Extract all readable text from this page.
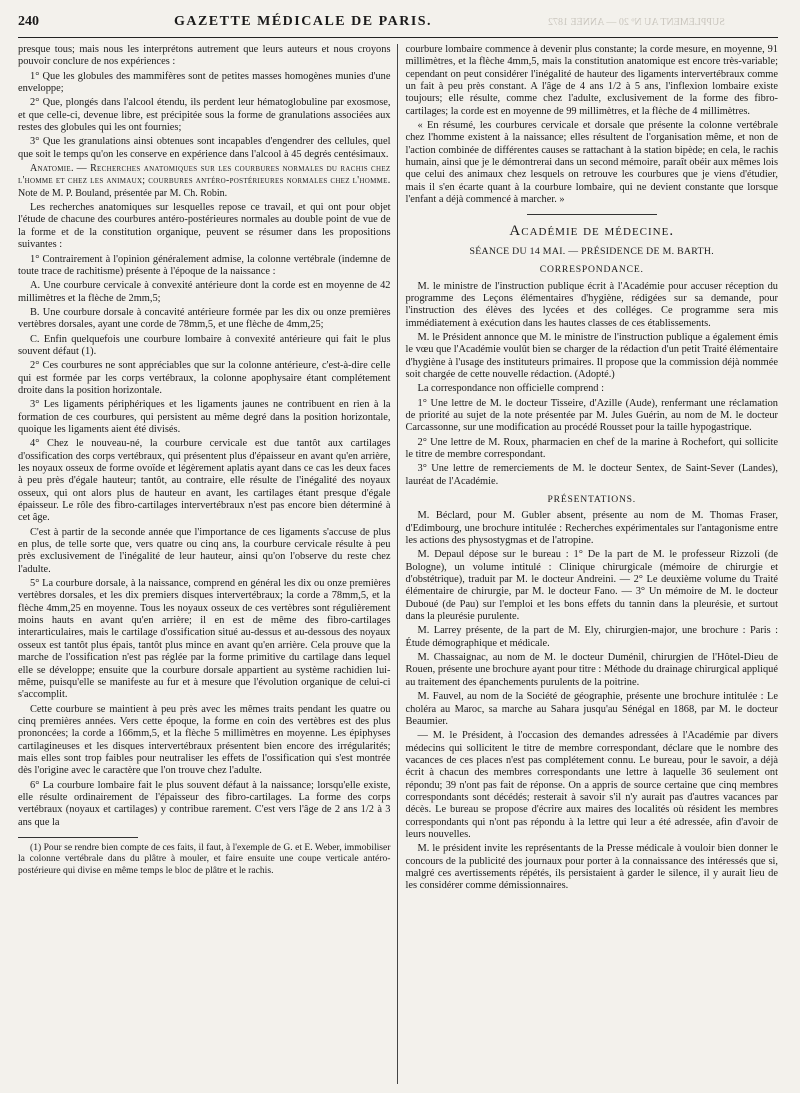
240	GAZETTE MÉDICALE DE PARIS.	SUPPLÉMENT AU Nº 20 — ANNÉE 1872

presque tous; mais nous les interprétons autrement que leurs auteurs et nous croyons pouvoir conclure de nos expériences :

1° Que les globules des mammifères sont de petites masses homogènes munies d'une enveloppe;

2° Que, plongés dans l'alcool étendu, ils perdent leur hématoglobuline par exosmose, et que celle-ci, devenue libre, est précipitée sous la forme de granulations associées aux restes des globules qui les ont fournies;

3° Que les granulations ainsi obtenues sont incapables d'engendrer des cellules, quel que soit le temps qu'on les conserve en expérience dans l'alcool à 45 degrés centésimaux.

Anatomie. — Recherches anatomiques sur les courbures normales du rachis chez l'homme et chez les animaux; courbures antéro-postérieures normales chez l'homme. Note de M. P. Bouland, présentée par M. Ch. Robin.

Les recherches anatomiques sur lesquelles repose ce travail, et qui ont pour objet l'étude de chacune des courbures antéro-postérieures normales au double point de vue de la forme et de la constitution organique, peuvent se résumer dans les propositions suivantes :

1° Contrairement à l'opinion généralement admise, la colonne vertébrale (indemne de toute trace de rachitisme) présente à l'époque de la naissance :

A. Une courbure cervicale à convexité antérieure dont la corde est en moyenne de 42 millimètres et la flèche de 2mm,5;

B. Une courbure dorsale à concavité antérieure formée par les dix ou onze premières vertèbres dorsales, ayant une corde de 78mm,5, et une flèche de 4mm,25;

C. Enfin quelquefois une courbure lombaire à convexité antérieure qui fait le plus souvent défaut (1).

2° Ces courbures ne sont appréciables que sur la colonne antérieure, c'est-à-dire celle qui est formée par les corps vertébraux, la colonne apophysaire étant complétement droite dans la position horizontale.

3° Les ligaments périphériques et les ligaments jaunes ne contribuent en rien à la formation de ces courbures, qui persistent au même degré dans la position horizontale, quoique les ligaments aient été divisés.

4° Chez le nouveau-né, la courbure cervicale est due tantôt aux cartilages d'ossification des corps vertébraux, qui présentent plus d'épaisseur en avant qu'en arrière, les noyaux osseux de forme ovoïde et légèrement aplatis ayant dans ce cas les deux faces à peu près d'égale hauteur; tantôt, au contraire, elle résulte de l'inégalité des noyaux osseux, qui ont alors plus de hauteur en avant, les cartilages étant presque d'égale épaisseur. Le rôle des fibro-cartilages intervertébraux n'est pas encore bien déterminé à cet âge.

C'est à partir de la seconde année que l'importance de ces ligaments s'accuse de plus en plus, de telle sorte que, vers quatre ou cinq ans, la courbure cervicale résulte à peu près exclusivement de l'inégalité de leur hauteur, ainsi qu'on l'observe du reste chez l'adulte.

5° La courbure dorsale, à la naissance, comprend en général les dix ou onze premières vertèbres dorsales, et les dix premiers disques intervertébraux; la corde a 78mm,5, et la flèche 4mm,25 en moyenne. Tous les noyaux osseux de ces vertèbres sont régulièrement moins hauts en avant qu'en arrière; il en est de même des fibro-cartilages interarticulaires, mais le cartilage d'ossification situé au-dessus et au-dessous des noyaux osseux est tantôt plus épais, tantôt plus mince en avant qu'en arrière. Cela prouve que la marche de l'ossification n'est pas réglée par la forme primitive du cartilage dans lequel elle se développe; ensuite que la courbure dorsale appartient au système rachidien lui-même, puisqu'elle se manifeste au fur et à mesure que l'évolution organique de celui-ci s'accomplit.

Cette courbure se maintient à peu près avec les mêmes traits pendant les quatre ou cinq premières années. Vers cette époque, la forme en coin des vertèbres est des plus prononcées; la corde a 166mm,5, et la flèche 5 millimètres en moyenne. Les épiphyses cartilagineuses et les disques intervertébraux présentent bien encore des irrégularités; mais elles sont trop faibles pour neutraliser les effets de l'ossification qui s'est montrée dès l'origine avec le caractère que l'on trouve chez l'adulte.

6° La courbure lombaire fait le plus souvent défaut à la naissance; lorsqu'elle existe, elle résulte ordinairement de l'épaisseur des fibro-cartilages. La forme des corps vertébraux (noyaux et cartilages) y contribue rarement. C'est vers l'âge de 2 ans 1/2 à 3 ans que la

(1) Pour se rendre bien compte de ces faits, il faut, à l'exemple de G. et E. Weber, immobiliser la colonne vertébrale dans du plâtre à mouler, et faire ensuite une coupe verticale antéro-postérieure qui divise en même temps le bloc de plâtre et le rachis.

courbure lombaire commence à devenir plus constante; la corde mesure, en moyenne, 91 millimètres, et la flèche 4mm,5, mais la constitution anatomique est encore très-variable; cependant on peut considérer l'inégalité de hauteur des ligaments intervertébraux comme un fait à peu près constant. A l'âge de 4 ans 1/2 à 5 ans, l'inflexion lombaire existe toujours; elle résulte, comme chez l'adulte, exclusivement de la forme des fibro-cartilages; la corde est en moyenne de 99 millimètres, et la flèche de 4 millimètres.

« En résumé, les courbures cervicale et dorsale que présente la colonne vertébrale chez l'homme existent à la naissance; elles résultent de l'organisation même, et non de l'action combinée de différentes causes se rattachant à la station bipède; en cela, le rachis humain, ainsi que je le démontrerai dans un second mémoire, paraît obéir aux mêmes lois que celui des animaux chez lesquels on retrouve les courbures que je viens d'étudier, mais il s'en écarte quant à la courbure lombaire, qui ne devient constante que lorsque l'enfant a déjà commencé à marcher. »

Académie de médecine.
SÉANCE DU 14 MAI. — PRÉSIDENCE DE M. BARTH.
CORRESPONDANCE.

M. le ministre de l'instruction publique écrit à l'Académie pour accuser réception du programme des Leçons élémentaires d'hygiène, rédigées sur sa demande, pour l'instruction des élèves des lycées et des colléges. Ce programme sera mis immédiatement à exécution dans les hautes classes de ces établissements.

M. le Président annonce que M. le ministre de l'instruction publique a également émis le vœu que l'Académie voulût bien se charger de la rédaction d'un petit Traité élémentaire d'hygiène à l'usage des instituteurs primaires. Il propose que la commission déjà nommée soit chargée de cette nouvelle rédaction. (Adopté.)

La correspondance non officielle comprend :

1° Une lettre de M. le docteur Tisseire, d'Azille (Aude), renfermant une réclamation de priorité au sujet de la note présentée par M. Jules Guérin, au nom de M. le docteur Carcassonne, sur une modification au procédé Rousset pour la taille hypogastrique.

2° Une lettre de M. Roux, pharmacien en chef de la marine à Rochefort, qui sollicite le titre de membre correspondant.

3° Une lettre de remerciements de M. le docteur Sentex, de Saint-Sever (Landes), lauréat de l'Académie.

PRÉSENTATIONS.

M. Béclard, pour M. Gubler absent, présente au nom de M. Thomas Fraser, d'Edimbourg, une brochure intitulée : Recherches expérimentales sur l'antagonisme entre les actions des physostygmas et de l'atropine.

M. Depaul dépose sur le bureau : 1° De la part de M. le professeur Rizzoli (de Bologne), un volume intitulé : Clinique chirurgicale (mémoire de chirurgie et d'obstétrique), traduit par M. le docteur Andreini. — 2° Le deuxième volume du Traité élémentaire de chirurgie, par M. le docteur Fano. — 3° Un mémoire de M. le docteur Duboué (de Pau) sur l'emploi et les bons effets du tannin dans la pleurésie, et surtout dans la pleurésie purulente.

M. Larrey présente, de la part de M. Ely, chirurgien-major, une brochure : Paris : Étude démographique et médicale.

M. Chassaignac, au nom de M. le docteur Duménil, chirurgien de l'Hôtel-Dieu de Rouen, présente une brochure ayant pour titre : Méthode du drainage chirurgical appliqué au traitement des épanchements purulents de la poitrine.

M. Fauvel, au nom de la Société de géographie, présente une brochure intitulée : Le choléra au Maroc, sa marche au Sahara jusqu'au Sénégal en 1868, par M. le docteur Beaumier.

— M. le Président, à l'occasion des demandes adressées à l'Académie par divers médecins qui sollicitent le titre de membre correspondant, déclare que le nombre des vacances de ces places n'est pas complétement connu. Le bureau, pour le savoir, a déjà écrit à chacun des membres correspondants une lettre à laquelle 36 seulement ont répondu; 39 n'ont pas fait de réponse. On a appris de source certaine que cinq membres correspondants sont décédés; resterait à savoir s'il n'y aurait pas d'autres vacances par décès. Le bureau se propose d'écrire aux maires des localités où résident les membres correspondants qui n'ont pas répondu à la lettre qui leur a été adressée, afin d'avoir de leurs nouvelles.

M. le président invite les représentants de la Presse médicale à vouloir bien donner le concours de la publicité des journaux pour porter à la connaissance des intéressés que si, malgré ces avertissements répétés, ils persistaient à garder le silence, il y aurait lieu de les considérer comme démissionnaires.
